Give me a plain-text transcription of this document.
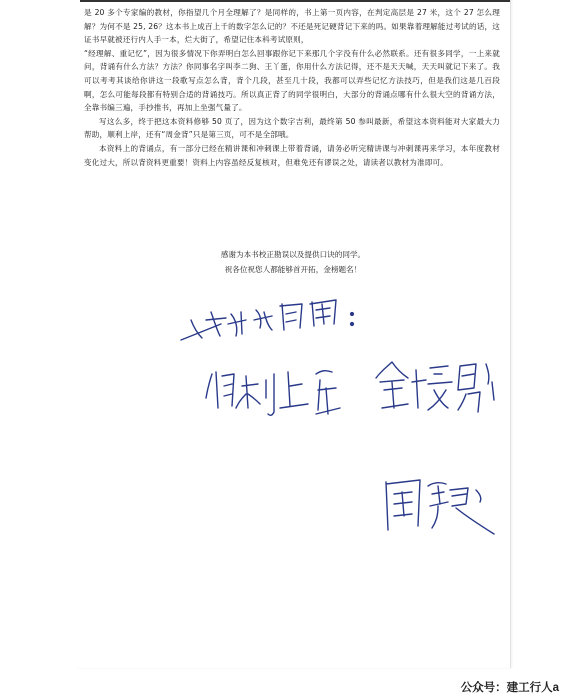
是 20 多个专家编的教材，你指望几个月全理解了？是同样的，书上第一页内容，在判定高层是 27 米，这个 27 怎么理解？为何不是 25, 26？这本书上成百上千的数字怎么记的？不还是死记硬背记下来的吗。如果靠着理解能过考试的话，这证书早就被还行内人手一本，烂大街了，希望记住本科考试原则，

“经理解、重记忆”，因为很多情况下你弄明白怎么回事跟你记下来那几个字没有什么必然联系。还有很多同学，一上来就问，背诵有什么方法？方法？你同事名字叫李二狗、王丫蛋，你用什么方法记得，还不是天天喊，天天叫就记下来了。我可以考考其谈给你讲这一段歌写点怎么背，背个几段，甚至几十段，我都可以弄些记忆方法技巧，但是我们这是几百段啊，怎么可能每段都有特别合适的背诵技巧。所以真正背了的同学很明白，大部分的背诵点哪有什么很大空的背诵方法，全靠书编三遍，手抄推书，再加上坐强气量了。

写这么多，终于把这本资料修够 50 页了，因为这个数字吉利，最终第 50 参叫最新，希望这本资料能对大家最大力帮助，顺利上岸，还有“周金背”只是第三页，可不是全部哦。

本资料上的背诵点，有一部分已经在精讲课和冲刺课上带着背诵，请务必听完精讲课与冲刺课再来学习，本年度教材变化过大，所以背资料更重要！资料上内容虽经反复核对，但难免还有谬误之处，请读者以教材为准即可。

感谢为本书校正勘误以及提供口诀的同学。

祝各位祝您人都能够首开拓，金榜题名！

公众号：建工行人a
